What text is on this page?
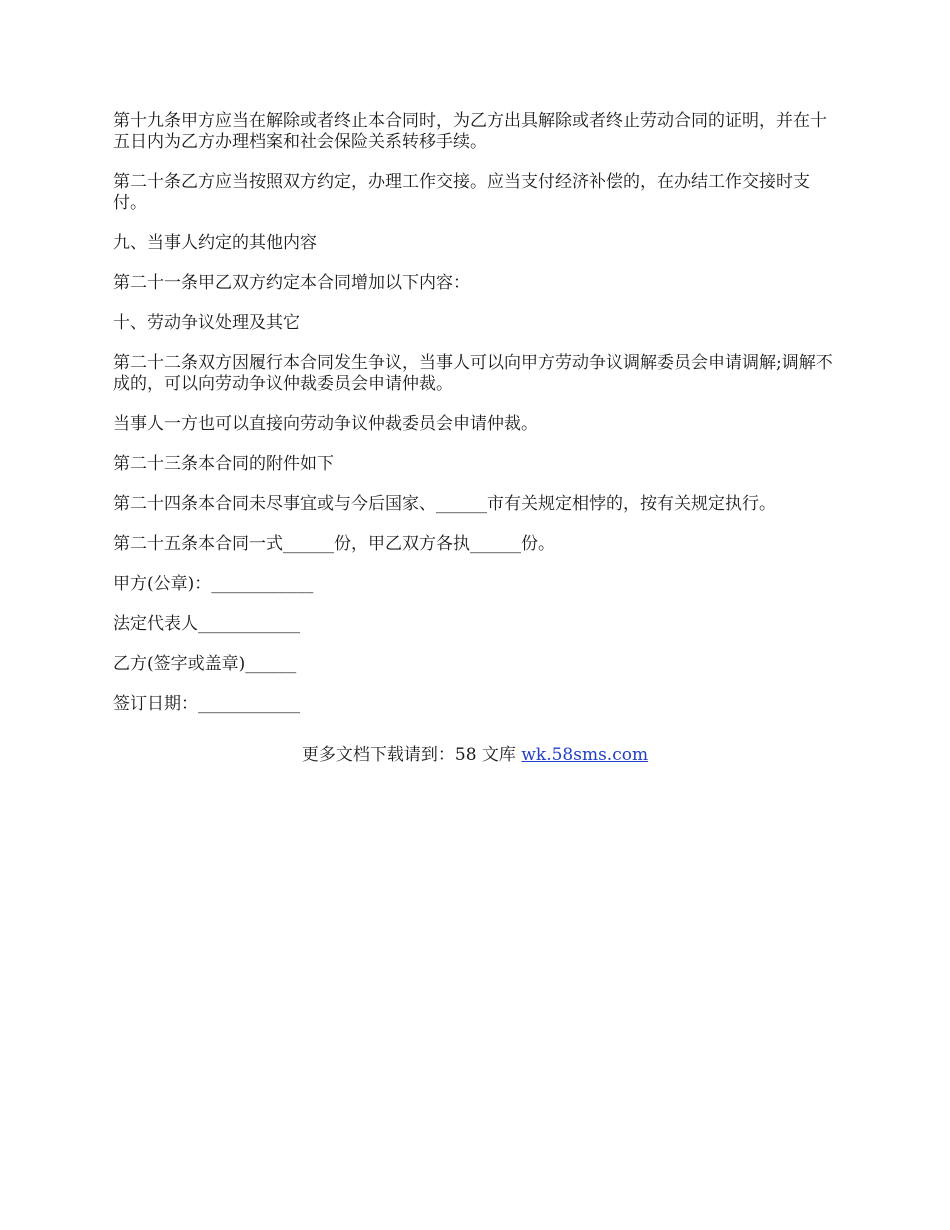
第十九条甲方应当在解除或者终止本合同时，为乙方出具解除或者终止劳动合同的证明，并在十五日内为乙方办理档案和社会保险关系转移手续。

第二十条乙方应当按照双方约定，办理工作交接。应当支付经济补偿的，在办结工作交接时支付。

九、当事人约定的其他内容

第二十一条甲乙双方约定本合同增加以下内容：

十、劳动争议处理及其它

第二十二条双方因履行本合同发生争议，当事人可以向甲方劳动争议调解委员会申请调解;调解不成的，可以向劳动争议仲裁委员会申请仲裁。

当事人一方也可以直接向劳动争议仲裁委员会申请仲裁。

第二十三条本合同的附件如下

第二十四条本合同未尽事宜或与今后国家、______市有关规定相悖的，按有关规定执行。

第二十五条本合同一式______份，甲乙双方各执______份。

甲方(公章)：____________

法定代表人____________

乙方(签字或盖章)______

签订日期：____________

更多文档下载请到：58 文库 wk.58sms.com
